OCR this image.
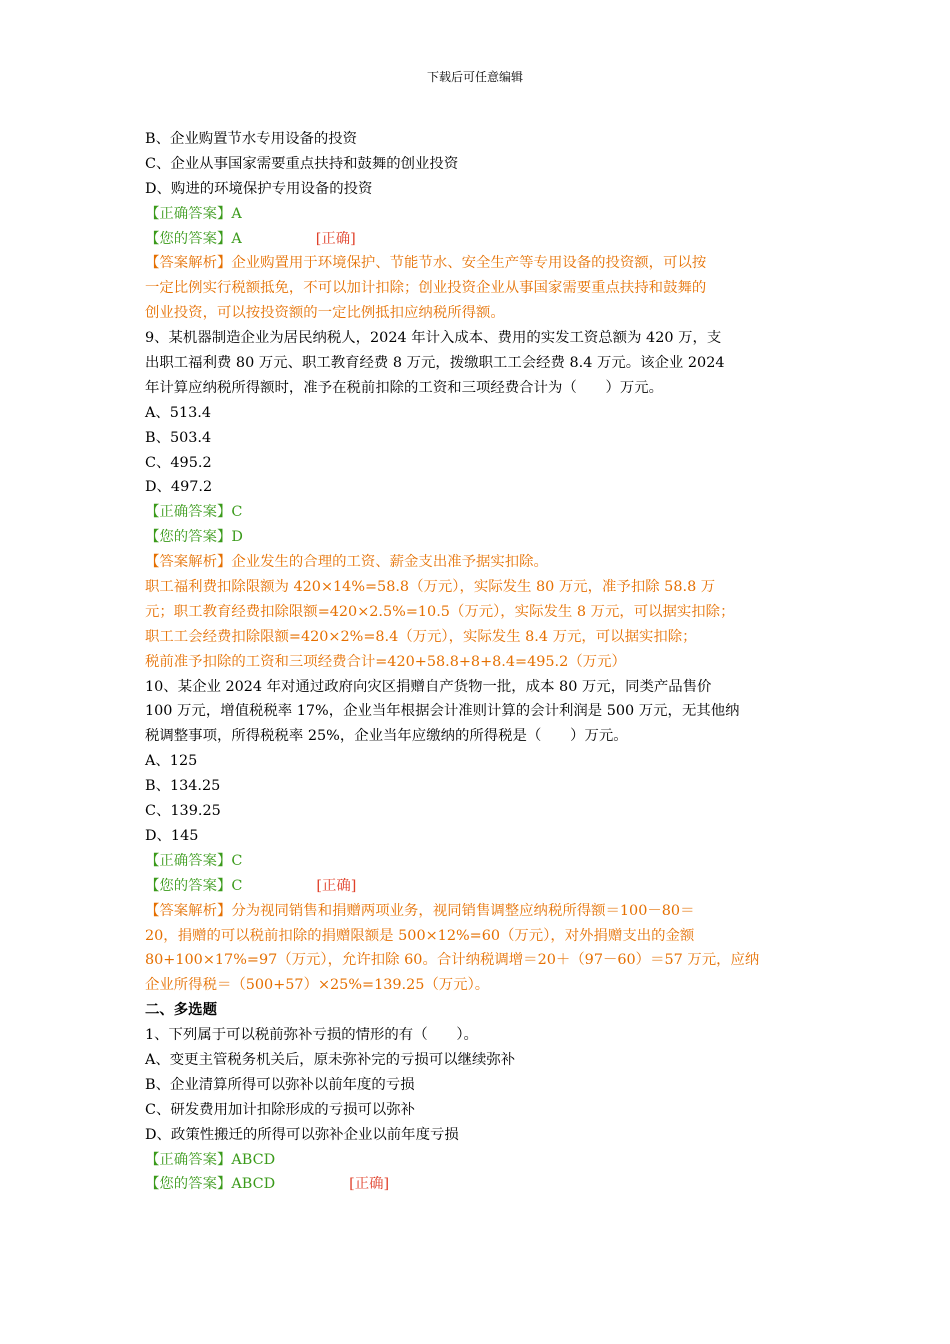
下载后可任意编辑
B、企业购置节水专用设备的投资
C、企业从事国家需要重点扶持和鼓舞的创业投资
D、购进的环境保护专用设备的投资
【正确答案】A
【您的答案】A	[正确]
【答案解析】企业购置用于环境保护、节能节水、安全生产等专用设备的投资额，可以按
一定比例实行税额抵免，不可以加计扣除；创业投资企业从事国家需要重点扶持和鼓舞的
创业投资，可以按投资额的一定比例抵扣应纳税所得额。
9、某机器制造企业为居民纳税人，2024 年计入成本、费用的实发工资总额为 420 万，支
出职工福利费 80 万元、职工教育经费 8 万元，拨缴职工工会经费 8.4 万元。该企业 2024
年计算应纳税所得额时，准予在税前扣除的工资和三项经费合计为（　　）万元。
A、513.4
B、503.4
C、495.2
D、497.2
【正确答案】C
【您的答案】D
【答案解析】企业发生的合理的工资、薪金支出准予据实扣除。
职工福利费扣除限额为 420×14%=58.8（万元），实际发生 80 万元，准予扣除 58.8 万
元；职工教育经费扣除限额=420×2.5%=10.5（万元），实际发生 8 万元，可以据实扣除；
职工工会经费扣除限额=420×2%=8.4（万元），实际发生 8.4 万元，可以据实扣除；
税前准予扣除的工资和三项经费合计=420+58.8+8+8.4=495.2（万元）
10、某企业 2024 年对通过政府向灾区捐赠自产货物一批，成本 80 万元，同类产品售价
100 万元，增值税税率 17%，企业当年根据会计准则计算的会计利润是 500 万元，无其他纳
税调整事项，所得税税率 25%，企业当年应缴纳的所得税是（　　）万元。
A、125
B、134.25
C、139.25
D、145
【正确答案】C
【您的答案】C	[正确]
【答案解析】分为视同销售和捐赠两项业务，视同销售调整应纳税所得额＝100－80＝
20，捐赠的可以税前扣除的捐赠限额是 500×12%=60（万元），对外捐赠支出的金额
80+100×17%=97（万元），允许扣除 60。合计纳税调增＝20＋（97－60）＝57 万元，应纳
企业所得税＝（500+57）×25%=139.25（万元）。
二、多选题
1、下列属于可以税前弥补亏损的情形的有（　　）。
A、变更主管税务机关后，原未弥补完的亏损可以继续弥补
B、企业清算所得可以弥补以前年度的亏损
C、研发费用加计扣除形成的亏损可以弥补
D、政策性搬迁的所得可以弥补企业以前年度亏损
【正确答案】ABCD
【您的答案】ABCD	[正确]
